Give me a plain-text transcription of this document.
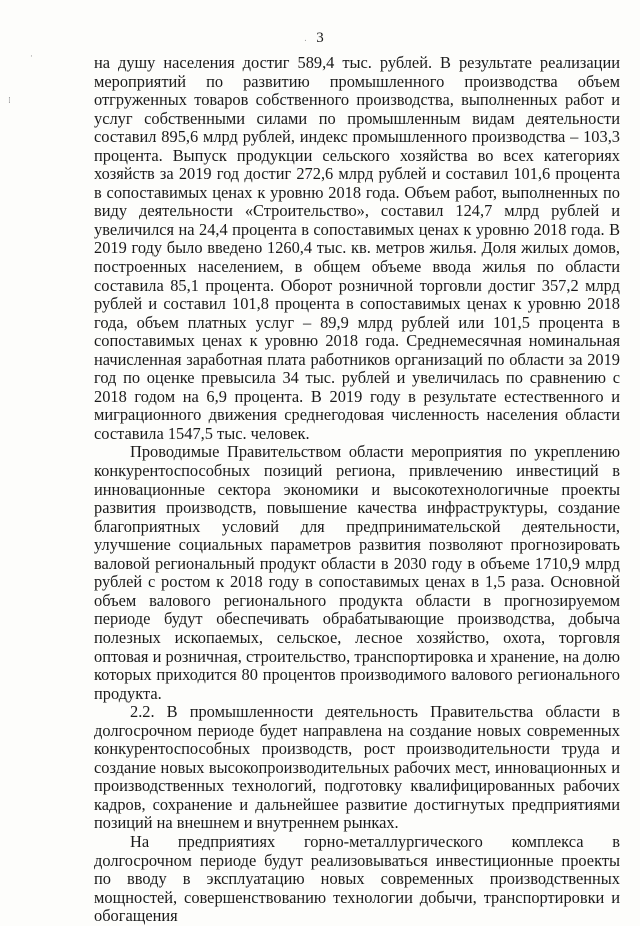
3
·
⁞
.

на душу населения достиг 589,4 тыс. рублей. В результате реализации мероприятий по развитию промышленного производства объем отгруженных товаров собственного производства, выполненных работ и услуг собственными силами по промышленным видам деятельности составил 895,6 млрд рублей, индекс промышленного производства – 103,3 процента. Выпуск продукции сельского хозяйства во всех категориях хозяйств за 2019 год достиг 272,6 млрд рублей и составил 101,6 процента в сопоставимых ценах к уровню 2018 года. Объем работ, выполненных по виду деятельности «Строительство», составил 124,7 млрд рублей и увеличился на 24,4 процента в сопоставимых ценах к уровню 2018 года. В 2019 году было введено 1260,4 тыс. кв. метров жилья. Доля жилых домов, построенных населением, в общем объеме ввода жилья по области составила 85,1 процента. Оборот розничной торговли достиг 357,2 млрд рублей и составил 101,8 процента в сопоставимых ценах к уровню 2018 года, объем платных услуг – 89,9 млрд рублей или 101,5 процента в сопоставимых ценах к уровню 2018 года. Среднемесячная номинальная начисленная заработная плата работников организаций по области за 2019 год по оценке превысила 34 тыс. рублей и увеличилась по сравнению с 2018 годом на 6,9 процента. В 2019 году в результате естественного и миграционного движения среднегодовая численность населения области составила 1547,5 тыс. человек.

Проводимые Правительством области мероприятия по укреплению конкурентоспособных позиций региона, привлечению инвестиций в инновационные сектора экономики и высокотехнологичные проекты развития производств, повышение качества инфраструктуры, создание благоприятных условий для предпринимательской деятельности, улучшение социальных параметров развития позволяют прогнозировать валовой региональный продукт области в 2030 году в объеме 1710,9 млрд рублей с ростом к 2018 году в сопоставимых ценах в 1,5 раза. Основной объем валового регионального продукта области в прогнозируемом периоде будут обеспечивать обрабатывающие производства, добыча полезных ископаемых, сельское, лесное хозяйство, охота, торговля оптовая и розничная, строительство, транспортировка и хранение, на долю которых приходится 80 процентов производимого валового регионального продукта.

2.2. В промышленности деятельность Правительства области в долгосрочном периоде будет направлена на создание новых современных конкурентоспособных производств, рост производительности труда и создание новых высокопроизводительных рабочих мест, инновационных и производственных технологий, подготовку квалифицированных рабочих кадров, сохранение и дальнейшее развитие достигнутых предприятиями позиций на внешнем и внутреннем рынках.

На предприятиях горно-металлургического комплекса в долгосрочном периоде будут реализовываться инвестиционные проекты по вводу в эксплуатацию новых современных производственных мощностей, совершенствованию технологии добычи, транспортировки и обогащения
